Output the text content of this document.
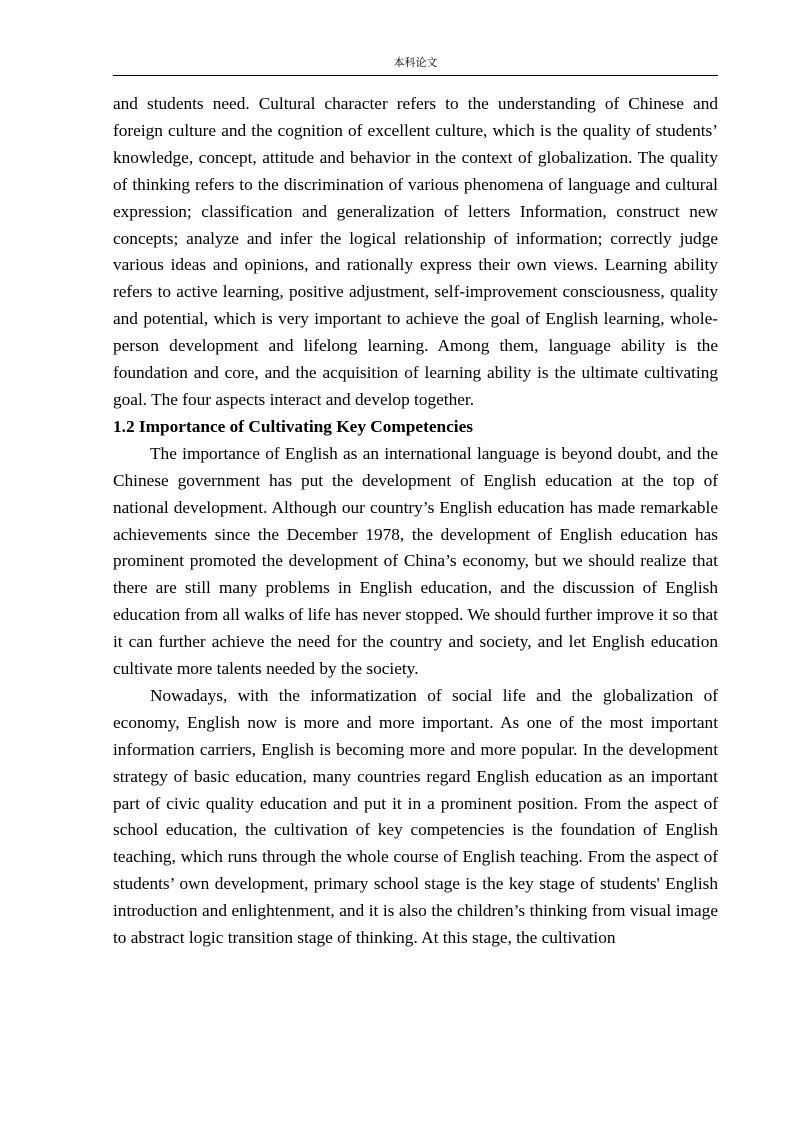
本科论文

and students need. Cultural character refers to the understanding of Chinese and foreign culture and the cognition of excellent culture, which is the quality of students’ knowledge, concept, attitude and behavior in the context of globalization. The quality of thinking refers to the discrimination of various phenomena of language and cultural expression; classification and generalization of letters Information, construct new concepts; analyze and infer the logical relationship of information; correctly judge various ideas and opinions, and rationally express their own views. Learning ability refers to active learning, positive adjustment, self-improvement consciousness, quality and potential, which is very important to achieve the goal of English learning, whole-person development and lifelong learning. Among them, language ability is the foundation and core, and the acquisition of learning ability is the ultimate cultivating goal. The four aspects interact and develop together.

1.2 Importance of Cultivating Key Competencies

The importance of English as an international language is beyond doubt, and the Chinese government has put the development of English education at the top of national development. Although our country’s English education has made remarkable achievements since the December 1978, the development of English education has prominent promoted the development of China’s economy, but we should realize that there are still many problems in English education, and the discussion of English education from all walks of life has never stopped. We should further improve it so that it can further achieve the need for the country and society, and let English education cultivate more talents needed by the society.

Nowadays, with the informatization of social life and the globalization of economy, English now is more and more important. As one of the most important information carriers, English is becoming more and more popular. In the development strategy of basic education, many countries regard English education as an important part of civic quality education and put it in a prominent position. From the aspect of school education, the cultivation of key competencies is the foundation of English teaching, which runs through the whole course of English teaching. From the aspect of students’ own development, primary school stage is the key stage of students' English introduction and enlightenment, and it is also the children’s thinking from visual image to abstract logic transition stage of thinking. At this stage, the cultivation
